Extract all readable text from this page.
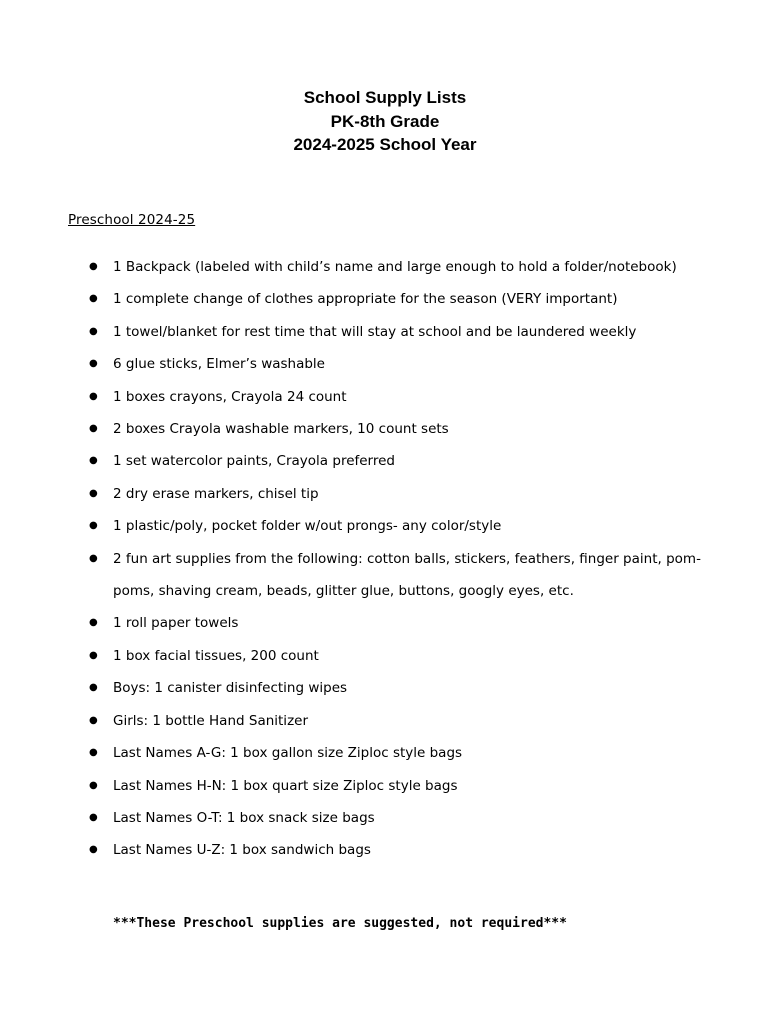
School Supply Lists
PK-8th Grade
2024-2025 School Year
Preschool 2024-25
● 1 Backpack (labeled with child’s name and large enough to hold a folder/notebook)
● 1 complete change of clothes appropriate for the season (VERY important)
● 1 towel/blanket for rest time that will stay at school and be laundered weekly
● 6 glue sticks, Elmer’s washable
● 1 boxes crayons, Crayola 24 count
● 2 boxes Crayola washable markers, 10 count sets
● 1 set watercolor paints, Crayola preferred
● 2 dry erase markers, chisel tip
● 1 plastic/poly, pocket folder w/out prongs- any color/style
● 2 fun art supplies from the following: cotton balls, stickers, feathers, finger paint, pom-poms, shaving cream, beads, glitter glue, buttons, googly eyes, etc.
● 1 roll paper towels
● 1 box facial tissues, 200 count
● Boys: 1 canister disinfecting wipes
● Girls: 1 bottle Hand Sanitizer
● Last Names A-G: 1 box gallon size Ziploc style bags
● Last Names H-N: 1 box quart size Ziploc style bags
● Last Names O-T: 1 box snack size bags
● Last Names U-Z: 1 box sandwich bags
***These Preschool supplies are suggested, not required***
